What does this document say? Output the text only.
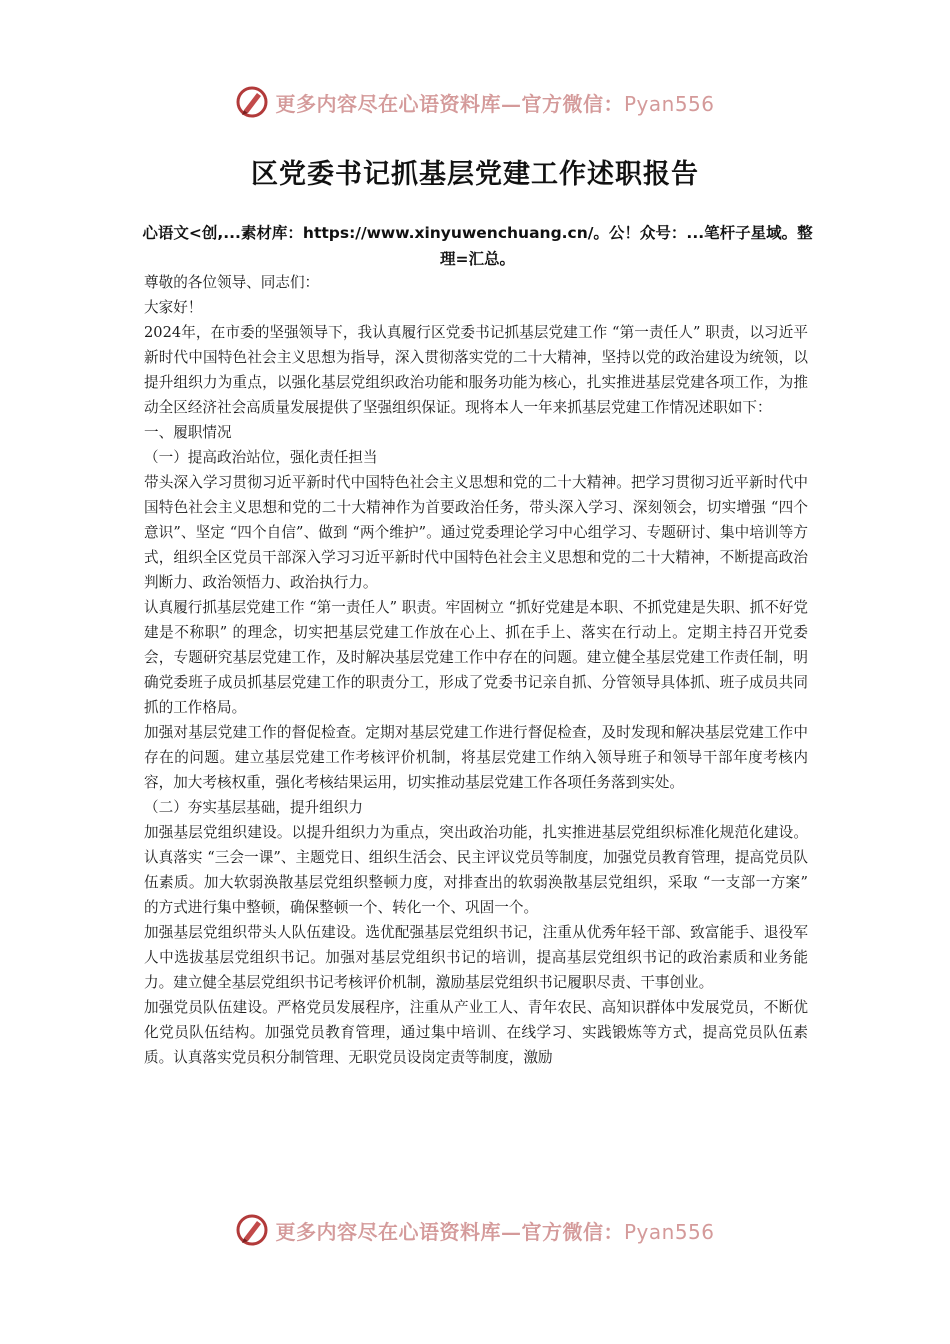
更多内容尽在心语资料库—官方微信：Pyan556
区党委书记抓基层党建工作述职报告
心语文<创,...素材库：https://www.xinyuwenchuang.cn/。公！众号：...笔杆子星域。整理=汇总。

尊敬的各位领导、同志们：

大家好！

2024年，在市委的坚强领导下，我认真履行区党委书记抓基层党建工作 “第一责任人” 职责，以习近平新时代中国特色社会主义思想为指导，深入贯彻落实党的二十大精神，坚持以党的政治建设为统领，以提升组织力为重点，以强化基层党组织政治功能和服务功能为核心，扎实推进基层党建各项工作，为推动全区经济社会高质量发展提供了坚强组织保证。现将本人一年来抓基层党建工作情况述职如下：

一、履职情况

（一）提高政治站位，强化责任担当

带头深入学习贯彻习近平新时代中国特色社会主义思想和党的二十大精神。把学习贯彻习近平新时代中国特色社会主义思想和党的二十大精神作为首要政治任务，带头深入学习、深刻领会，切实增强 “四个意识”、坚定 “四个自信”、做到 “两个维护”。通过党委理论学习中心组学习、专题研讨、集中培训等方式，组织全区党员干部深入学习习近平新时代中国特色社会主义思想和党的二十大精神，不断提高政治判断力、政治领悟力、政治执行力。

认真履行抓基层党建工作 “第一责任人” 职责。牢固树立 “抓好党建是本职、不抓党建是失职、抓不好党建是不称职” 的理念，切实把基层党建工作放在心上、抓在手上、落实在行动上。定期主持召开党委会，专题研究基层党建工作，及时解决基层党建工作中存在的问题。建立健全基层党建工作责任制，明确党委班子成员抓基层党建工作的职责分工，形成了党委书记亲自抓、分管领导具体抓、班子成员共同抓的工作格局。

加强对基层党建工作的督促检查。定期对基层党建工作进行督促检查，及时发现和解决基层党建工作中存在的问题。建立基层党建工作考核评价机制，将基层党建工作纳入领导班子和领导干部年度考核内容，加大考核权重，强化考核结果运用，切实推动基层党建工作各项任务落到实处。

（二）夯实基层基础，提升组织力

加强基层党组织建设。以提升组织力为重点，突出政治功能，扎实推进基层党组织标准化规范化建设。认真落实 “三会一课”、主题党日、组织生活会、民主评议党员等制度，加强党员教育管理，提高党员队伍素质。加大软弱涣散基层党组织整顿力度，对排查出的软弱涣散基层党组织，采取 “一支部一方案” 的方式进行集中整顿，确保整顿一个、转化一个、巩固一个。

加强基层党组织带头人队伍建设。选优配强基层党组织书记，注重从优秀年轻干部、致富能手、退役军人中选拔基层党组织书记。加强对基层党组织书记的培训，提高基层党组织书记的政治素质和业务能力。建立健全基层党组织书记考核评价机制，激励基层党组织书记履职尽责、干事创业。

加强党员队伍建设。严格党员发展程序，注重从产业工人、青年农民、高知识群体中发展党员，不断优化党员队伍结构。加强党员教育管理，通过集中培训、在线学习、实践锻炼等方式，提高党员队伍素质。认真落实党员积分制管理、无职党员设岗定责等制度，激励

更多内容尽在心语资料库—官方微信：Pyan556
